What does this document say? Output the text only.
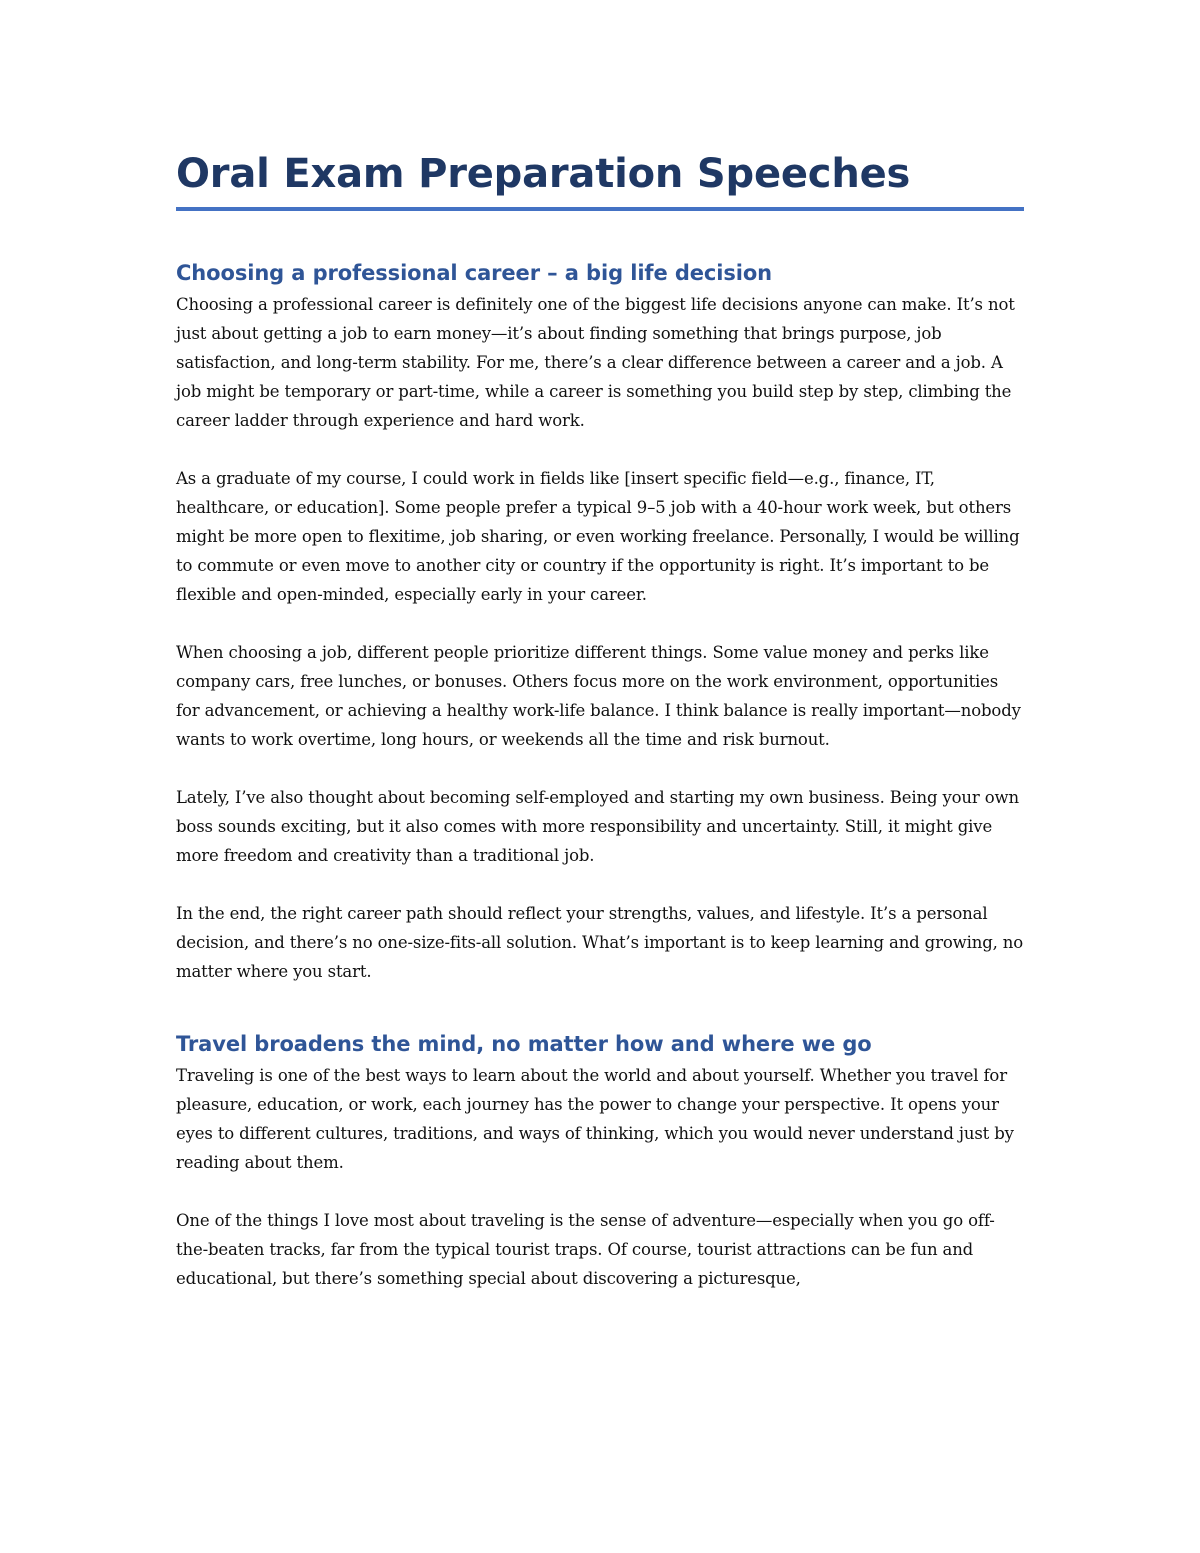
Oral Exam Preparation Speeches
Choosing a professional career – a big life decision

Choosing a professional career is definitely one of the biggest life decisions anyone can make. It’s not just about getting a job to earn money—it’s about finding something that brings purpose, job satisfaction, and long-term stability. For me, there’s a clear difference between a career and a job. A job might be temporary or part-time, while a career is something you build step by step, climbing the career ladder through experience and hard work.

As a graduate of my course, I could work in fields like [insert specific field—e.g., finance, IT, healthcare, or education]. Some people prefer a typical 9–5 job with a 40-hour work week, but others might be more open to flexitime, job sharing, or even working freelance. Personally, I would be willing to commute or even move to another city or country if the opportunity is right. It’s important to be flexible and open-minded, especially early in your career.

When choosing a job, different people prioritize different things. Some value money and perks like company cars, free lunches, or bonuses. Others focus more on the work environment, opportunities for advancement, or achieving a healthy work-life balance. I think balance is really important—nobody wants to work overtime, long hours, or weekends all the time and risk burnout.

Lately, I’ve also thought about becoming self-employed and starting my own business. Being your own boss sounds exciting, but it also comes with more responsibility and uncertainty. Still, it might give more freedom and creativity than a traditional job.

In the end, the right career path should reflect your strengths, values, and lifestyle. It’s a personal decision, and there’s no one-size-fits-all solution. What’s important is to keep learning and growing, no matter where you start.

Travel broadens the mind, no matter how and where we go

Traveling is one of the best ways to learn about the world and about yourself. Whether you travel for pleasure, education, or work, each journey has the power to change your perspective. It opens your eyes to different cultures, traditions, and ways of thinking, which you would never understand just by reading about them.

One of the things I love most about traveling is the sense of adventure—especially when you go off-the-beaten tracks, far from the typical tourist traps. Of course, tourist attractions can be fun and educational, but there’s something special about discovering a picturesque,
